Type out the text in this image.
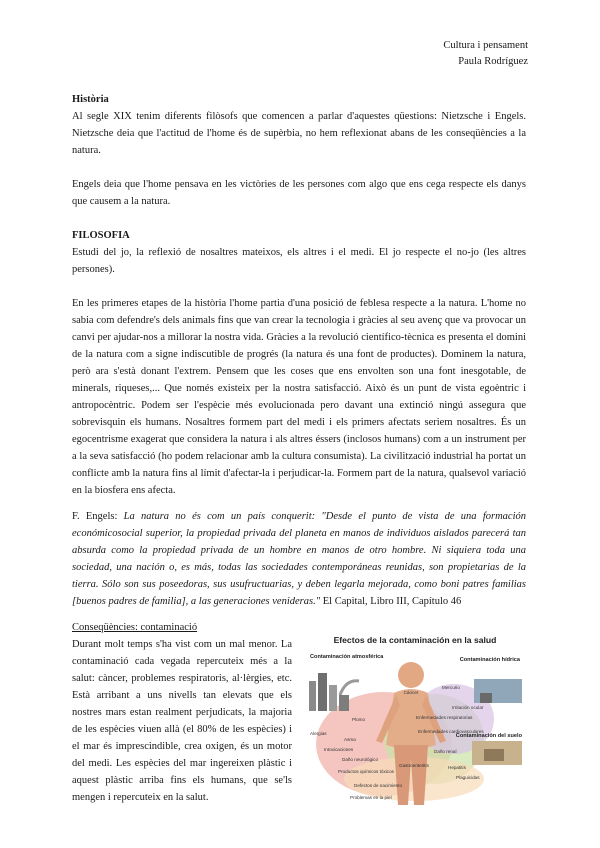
Cultura i pensament
Paula Rodríguez
Història

Al segle XIX tenim diferents filòsofs que comencen a parlar d'aquestes qüestions: Nietzsche i Engels. Nietzsche deia que l'actitud de l'home és de supèrbia, no hem reflexionat abans de les conseqüències a la natura.

Engels deia que l'home pensava en les victòries de les persones com algo que ens cega respecte els danys que causem a la natura.

FILOSOFIA

Estudi del jo, la reflexió de nosaltres mateixos, els altres i el medi. El jo respecte el no-jo (les altres persones).

En les primeres etapes de la història l'home partia d'una posició de feblesa respecte a la natura. L'home no sabia com defendre's dels animals fins que van crear la tecnologia i gràcies al seu avenç que va provocar un canvi per ajudar-nos a millorar la nostra vida. Gràcies a la revolució científico-tècnica es presenta el domini de la natura com a signe indiscutible de progrés (la natura és una font de productes). Dominem la natura, però ara s'està donant l'extrem. Pensem que les coses que ens envolten son una font inesgotable, de minerals, riqueses,... Que només existeix per la nostra satisfacció. Això és un punt de vista egoèntric i antropocèntric. Podem ser l'espècie més evolucionada pero davant una extinció ningú assegura que sobrevisquin els humans. Nosaltres formem part del medi i els primers afectats seriem nosaltres. És un egocentrisme exagerat que considera la natura i als altres éssers (inclosos humans) com a un instrument per a la seva satisfacció (ho podem relacionar amb la cultura consumista). La civilització industrial ha portat un conflicte amb la natura fins al límit d'afectar-la i perjudicar-la. Formem part de la natura, qualsevol variació en la biosfera ens afecta.

F. Engels: La natura no és com un país conquerit: "Desde el punto de vista de una formación económicosocial superior, la propiedad privada del planeta en manos de individuos aislados parecerá tan absurda como la propiedad privada de un hombre en manos de otro hombre. Ni siquiera toda una sociedad, una nación o, es más, todas las sociedades contemporáneas reunidas, son propietarias de la tierra. Sólo son sus poseedoras, sus usufructuarias, y deben legarla mejorada, como boni patres familias [buenos padres de familia], a las generaciones venideras." El Capital, Libro III, Capítulo 46

Conseqüències: contaminació

Durant molt temps s'ha vist com un mal menor. La contaminació cada vegada repercuteix més a la salut: càncer, problemes respiratoris, al·lèrgies, etc. Està arribant a uns nivells tan elevats que els nostres mars estan realment perjudicats, la majoria de les espècies viuen allà (el 80% de les espècies) i el mar és imprescindible, crea oxigen, és un motor del medi. Les espècies del mar ingereixen plàstic i aquest plàstic arriba fins els humans, que se'ls mengen i repercuteix en la salut.

Efectos de la contaminación en la salud
Contaminación atmosférica	Contaminación hídrica
Contaminación del suelo
Cáncer
Alergias
Enfermedades respiratorias
Enfermedades cardiovasculares
Gastroenteritis	Hepatitis
Defectos de nacimiento
Intoxicaciones
Problemas en la piel
Asma
Daño renal
Daño neurológico
Irritación ocular
Plomo
Mercurio
Plaguicidas
Productos químicos tóxicos
